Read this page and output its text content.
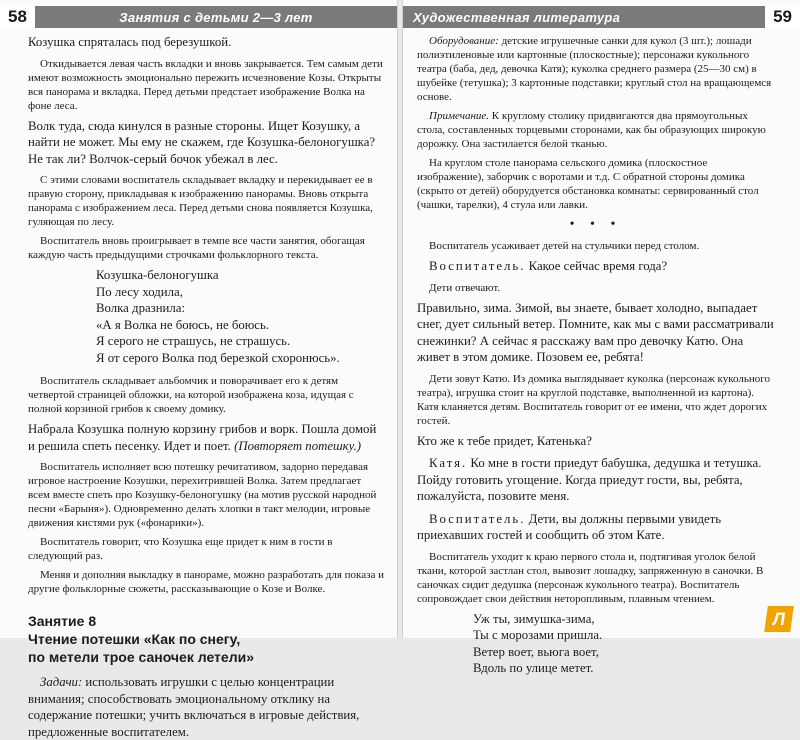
58	Занятия с детьми 2—3 лет

Козушка спряталась под березушкой.

Откидывается левая часть вкладки и вновь закрывается. Тем самым дети имеют возможность эмоционально пережить исчезновение Козы. Открыты вся панорама и вкладка. Перед детьми предстает изображение Волка на фоне леса.

Волк туда, сюда кинулся в разные стороны. Ищет Козушку, а найти не может. Мы ему не скажем, где Козушка-белоногушка? Не так ли? Волчок-серый бочок убежал в лес.

С этими словами воспитатель складывает вкладку и перекидывает ее в правую сторону, прикладывая к изображению панорамы. Вновь открыта панорама с изображением леса. Перед детьми снова появляется Козушка, гуляющая по лесу.

Воспитатель вновь проигрывает в темпе все части занятия, обогащая каждую часть предыдущими строчками фольклорного текста.

Козушка-белоногушка
По лесу ходила,
Волка дразнила:
«А я Волка не боюсь, не боюсь.
Я серого не страшусь, не страшусь.
Я от серого Волка под березкой схоронюсь».

Воспитатель складывает альбомчик и поворачивает его к детям четвертой страницей обложки, на которой изображена коза, идущая с полной корзиной грибов к своему домику.

Набрала Козушка полную корзину грибов и ворк. Пошла домой и решила спеть песенку. Идет и поет. (Повторяет потешку.)

Воспитатель исполняет всю потешку речитативом, задорно передавая игровое настроение Козушки, перехитрившей Волка. Затем предлагает всем вместе спеть про Козушку-белоногушку (на мотив русской народной песни «Барыня»). Одновременно делать хлопки в такт мелодии, игровые движения кистями рук («фонарики»).

Воспитатель говорит, что Козушка еще придет к ним в гости в следующий раз.

Меняя и дополняя выкладку в панораме, можно разработать для показа и другие фольклорные сюжеты, рассказывающие о Козе и Волке.

Занятие 8
Чтение потешки «Как по снегу,
по метели трое саночек летели»

Задачи: использовать игрушки с целью концентрации внимания; способствовать эмоциональному отклику на содержание потешки; учить включаться в игровые действия, предложенные воспитателем.

Художественная литература	59

Оборудование: детские игрушечные санки для кукол (3 шт.); лошади полиэтиленовые или картонные (плоскостные); персонажи кукольного театра (баба, дед, девочка Катя); куколка среднего размера (25—30 см) в шубейке (тетушка); 3 картонные подставки; круглый стол на вращающемся основе.

Примечание. К круглому столику придвигаются два прямоугольных стола, составленных торцевыми сторонами, как бы образующих широкую дорожку. Она застилается белой тканью.

На круглом столе панорама сельского домика (плоскостное изображение), заборчик с воротами и т.д. С обратной стороны домика (скрыто от детей) оборудуется обстановка комнаты: сервированный стол (чашки, тарелки), 4 стула или лавки.

• • •

Воспитатель усаживает детей на стульчики перед столом.

Воспитатель. Какое сейчас время года?

Дети отвечают.

Правильно, зима. Зимой, вы знаете, бывает холодно, выпадает снег, дует сильный ветер. Помните, как мы с вами рассматривали снежинки? А сейчас я расскажу вам про девочку Катю. Она живет в этом домике. Позовем ее, ребята!

Дети зовут Катю. Из домика выглядывает куколка (персонаж кукольного театра), игрушка стоит на круглой подставке, выполненной из картона). Катя кланяется детям. Воспитатель говорит от ее имени, что ждет дорогих гостей.

Кто же к тебе придет, Катенька?

Катя. Ко мне в гости приедут бабушка, дедушка и тетушка. Пойду готовить угощение. Когда приедут гости, вы, ребята, пожалуйста, позовите меня.

Воспитатель. Дети, вы должны первыми увидеть приехавших гостей и сообщить об этом Кате.

Воспитатель уходит к краю первого стола и, подтягивая уголок белой ткани, которой застлан стол, вывозит лошадку, запряженную в саночки. В саночках сидит дедушка (персонаж кукольного театра). Воспитатель сопровождает свои действия неторопливым, плавным чтением.

Уж ты, зимушка-зима,
Ты с морозами пришла.
Ветер воет, вьюга воет,
Вдоль по улице метет.
Л
